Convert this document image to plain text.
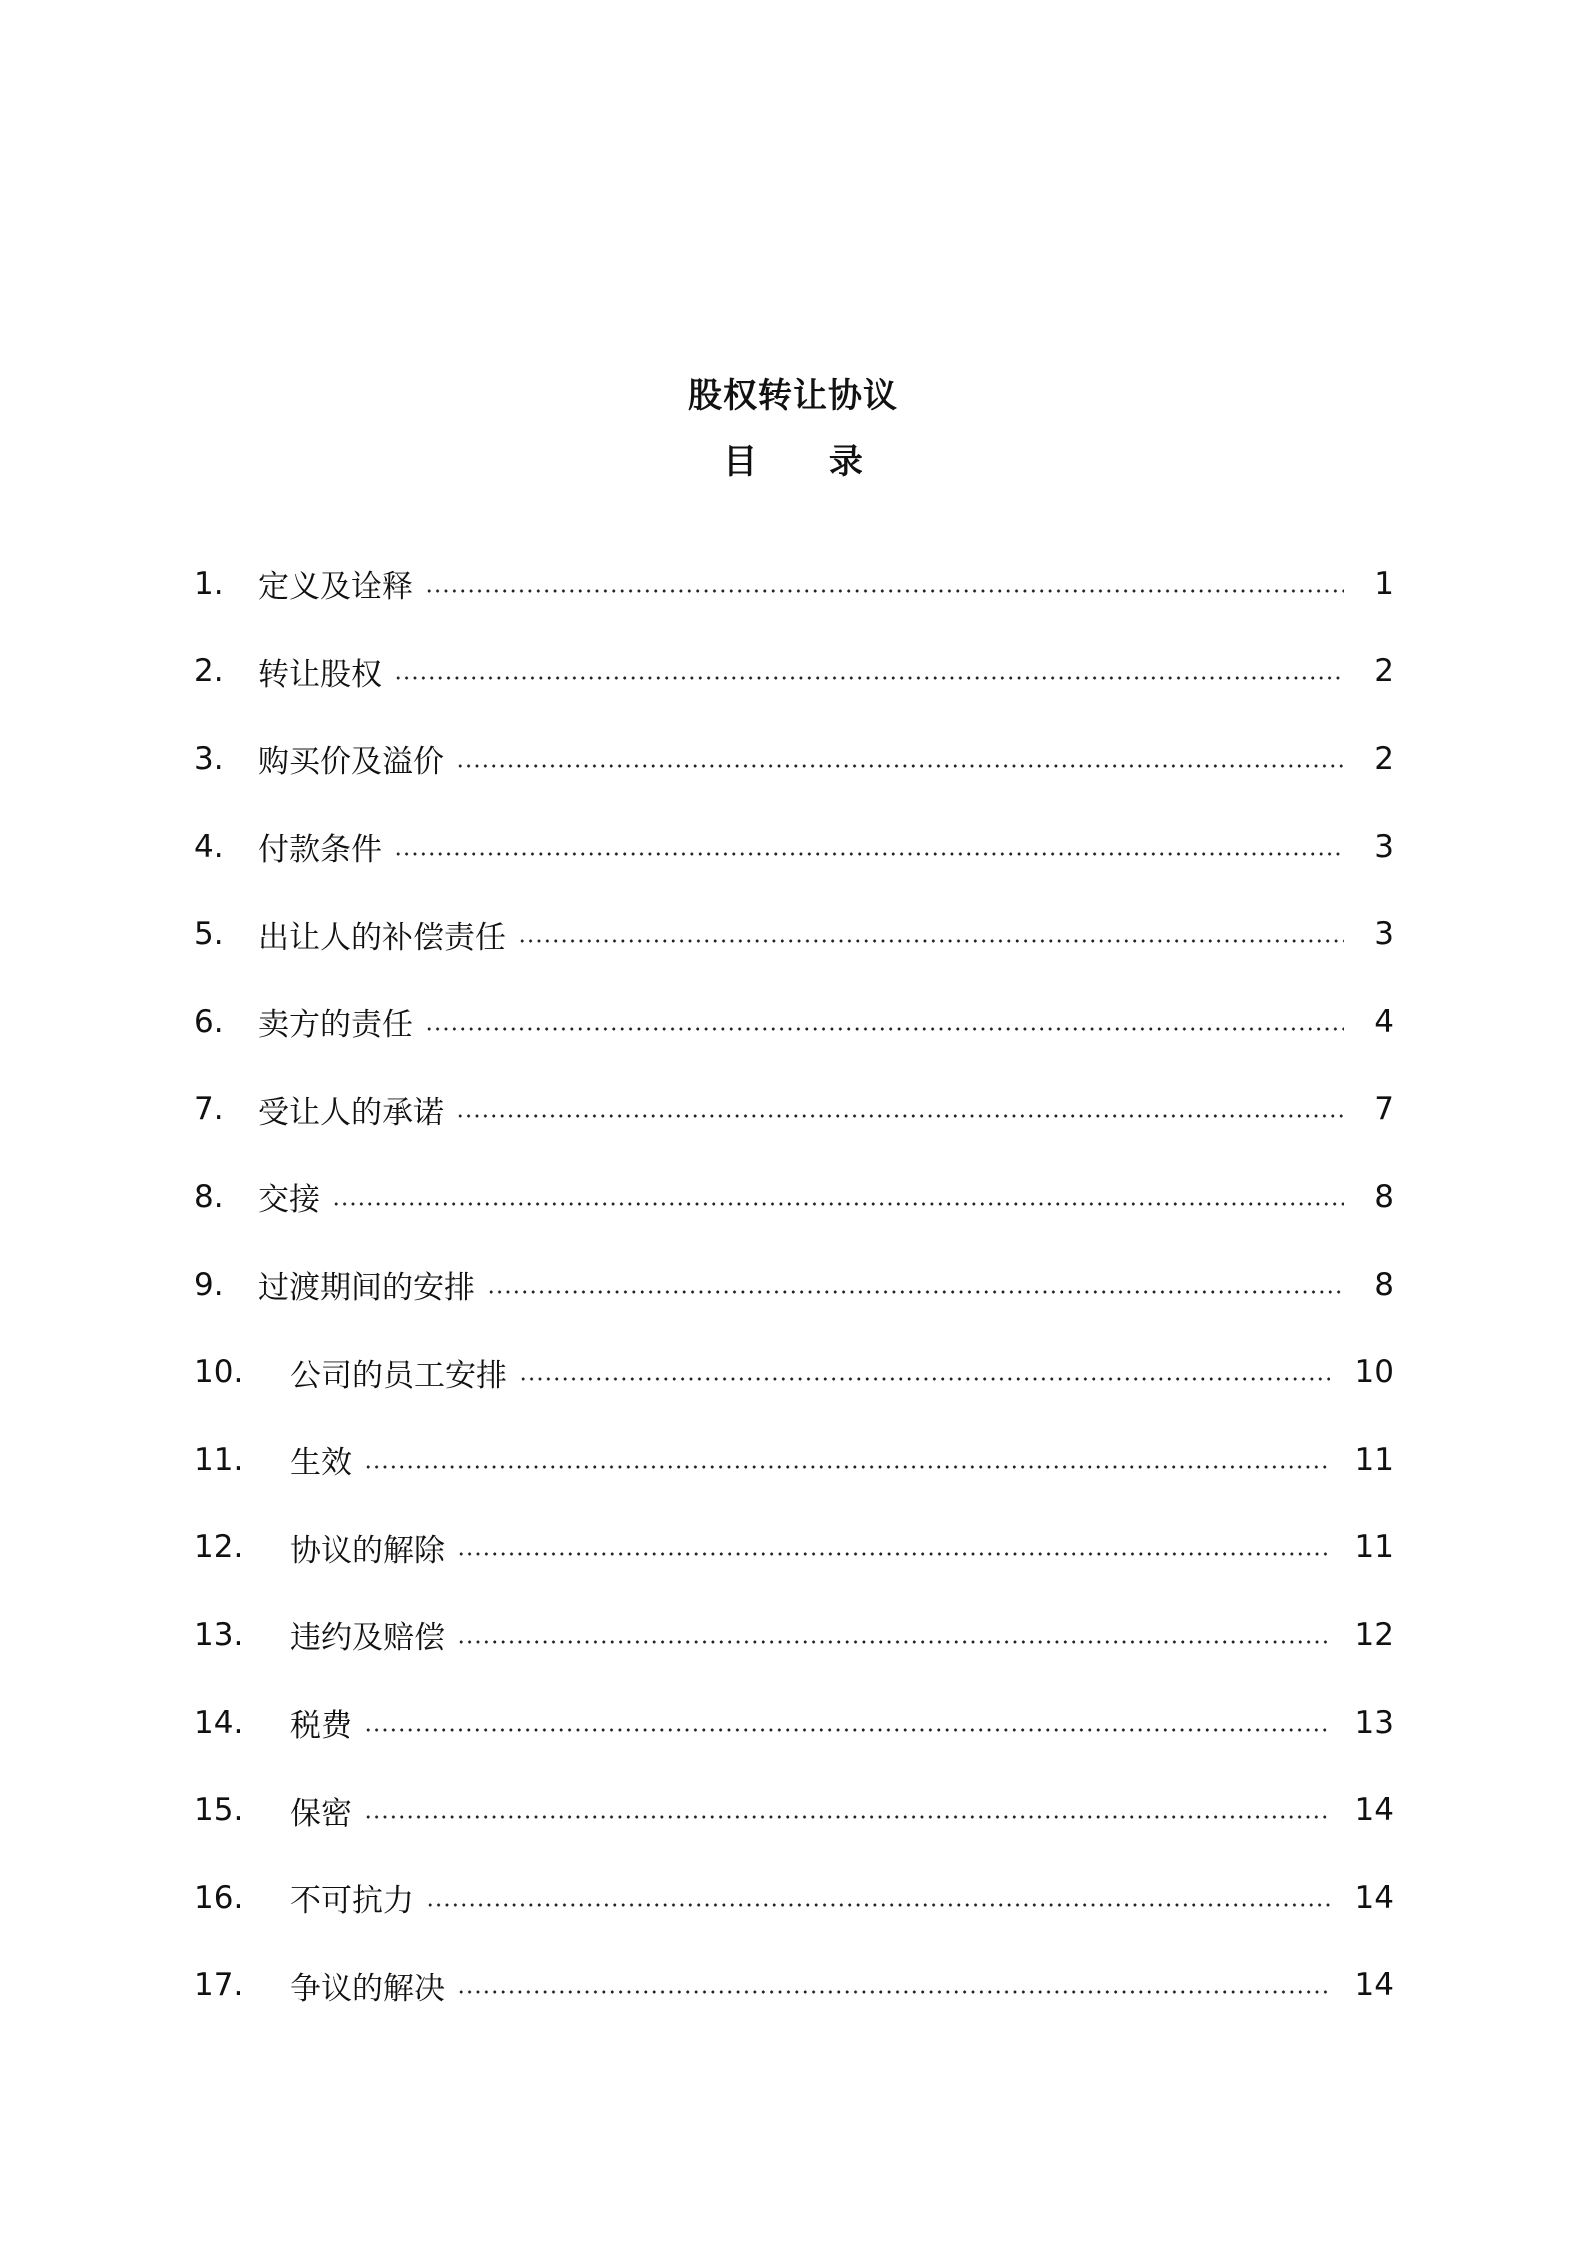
股权转让协议
目 录
1.	定义及诠释	1
2.	转让股权	2
3.	购买价及溢价	2
4.	付款条件	3
5.	出让人的补偿责任	3
6.	卖方的责任	4
7.	受让人的承诺	7
8.	交接	8
9.	过渡期间的安排	8
10.	公司的员工安排	10
11.	生效	11
12.	协议的解除	11
13.	违约及赔偿	12
14.	税费	13
15.	保密	14
16.	不可抗力	14
17.	争议的解决	14
